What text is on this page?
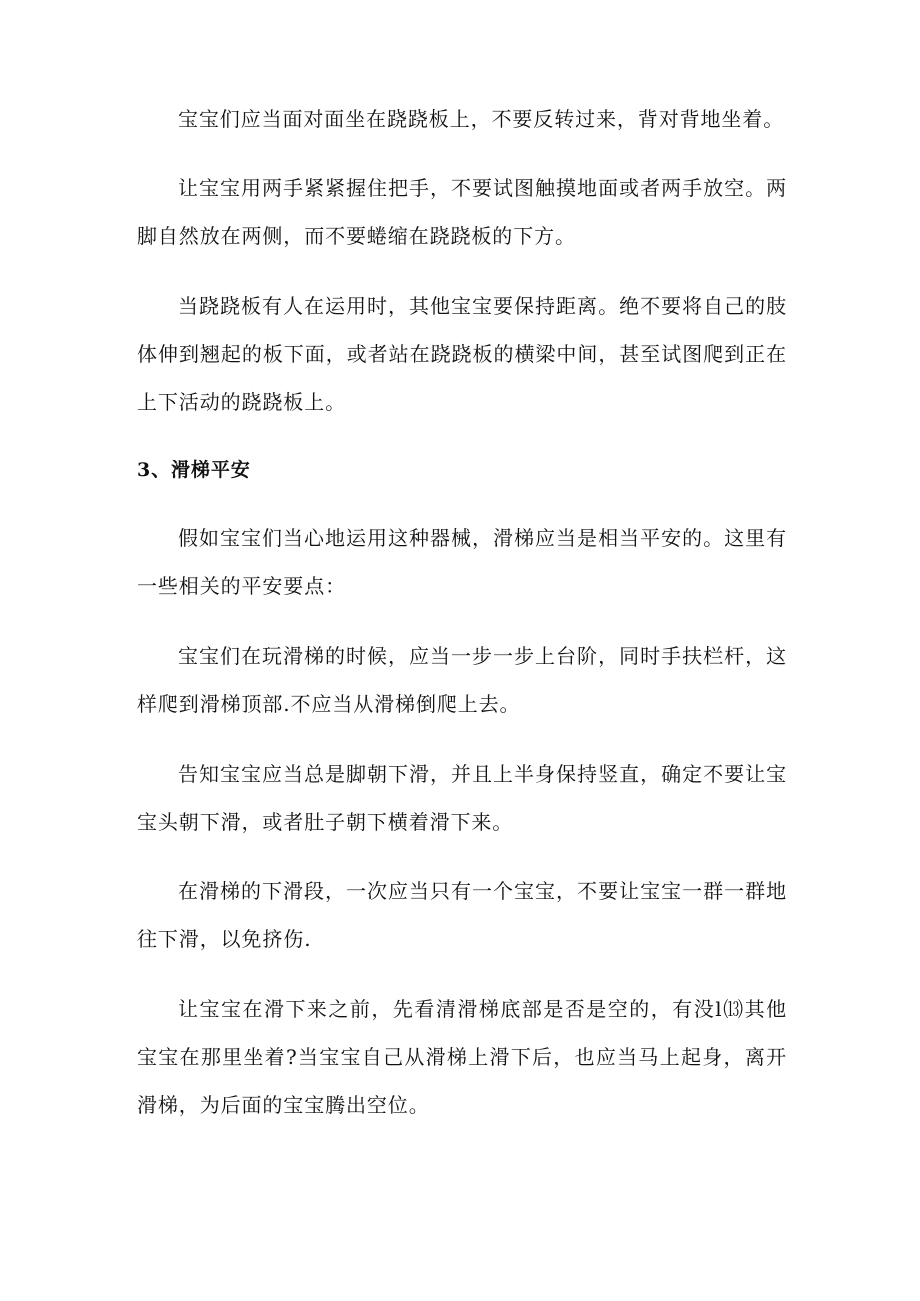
宝宝们应当面对面坐在跷跷板上，不要反转过来，背对背地坐着。

让宝宝用两手紧紧握住把手，不要试图触摸地面或者两手放空。两脚自然放在两侧，而不要蜷缩在跷跷板的下方。

当跷跷板有人在运用时，其他宝宝要保持距离。绝不要将自己的肢体伸到翘起的板下面，或者站在跷跷板的横梁中间，甚至试图爬到正在上下活动的跷跷板上。

3、滑梯平安

假如宝宝们当心地运用这种器械，滑梯应当是相当平安的。这里有一些相关的平安要点：

宝宝们在玩滑梯的时候，应当一步一步上台阶，同时手扶栏杆，这样爬到滑梯顶部.不应当从滑梯倒爬上去。

告知宝宝应当总是脚朝下滑，并且上半身保持竖直，确定不要让宝宝头朝下滑，或者肚子朝下横着滑下来。

在滑梯的下滑段，一次应当只有一个宝宝，不要让宝宝一群一群地往下滑，以免挤伤.

让宝宝在滑下来之前，先看清滑梯底部是否是空的，有没l⒀其他宝宝在那里坐着?当宝宝自己从滑梯上滑下后，也应当马上起身，离开滑梯，为后面的宝宝腾出空位。
